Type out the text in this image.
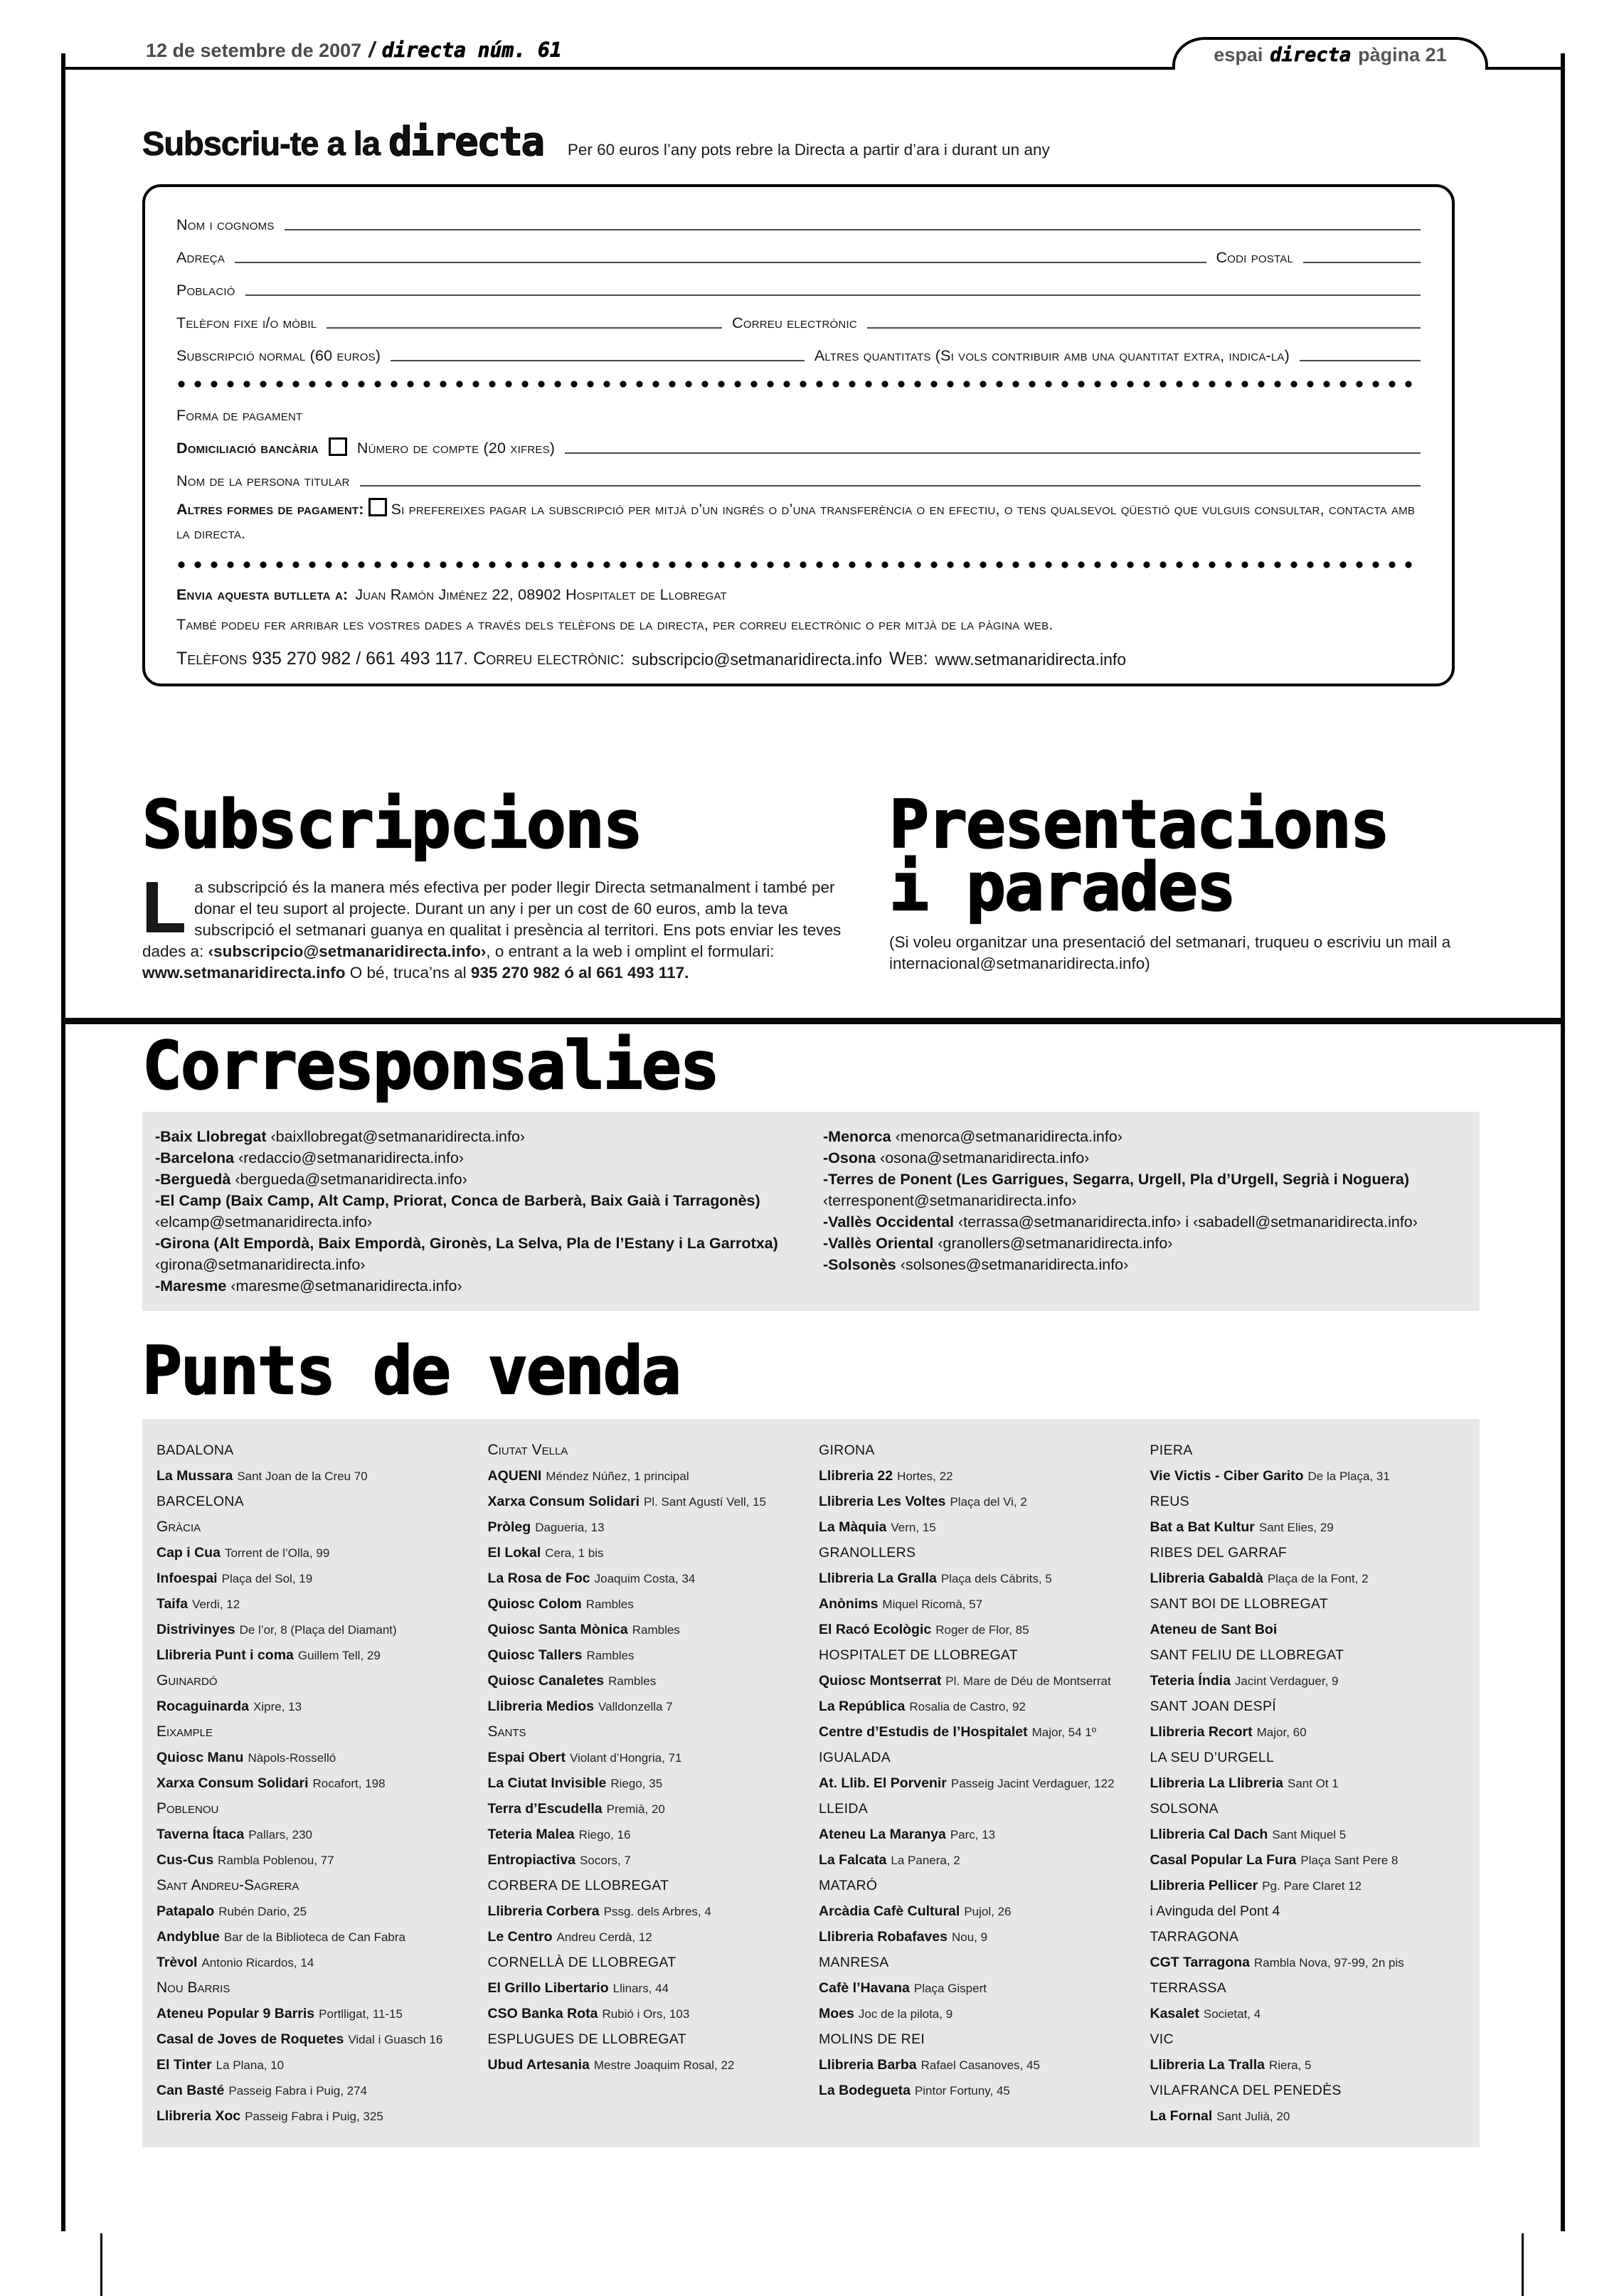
12 de setembre de 2007 / directa núm. 61	espai directa pàgina 21
Subscriu-te a la directa Per 60 euros l’any pots rebre la Directa a partir d’ara i durant un any
Nom i cognoms
Adreça	Codi postal
Població
Telèfon fixe i/o mòbil	Correu electrònic
Subscripció normal (60 euros)	Altres quantitats (Si vols contribuir amb una quantitat extra, indica-la)
Forma de pagament
Domiciliació bancària	Número de compte (20 xifres)
Nom de la persona titular

Altres formes de pagament: Si prefereixes pagar la subscripció per mitjà d’un ingrés o d’una transferència o en efectiu, o tens qualsevol qüestió que vulguis consultar, contacta amb la directa.

Envia aquesta butlleta a: Juan Ramón Jiménez 22, 08902 Hospitalet de Llobregat
També podeu fer arribar les vostres dades a través dels telèfons de la directa, per correu electrònic o per mitjà de la pàgina web.
Telèfons 935 270 982 / 661 493 117. Correu electrònic: subscripcio@setmanaridirecta.info Web: www.setmanaridirecta.info
Subscripcions

La subscripció és la manera més efectiva per poder llegir Directa setmanalment i també per donar el teu suport al projecte. Durant un any i per un cost de 60 euros, amb la teva subscripció el setmanari guanya en qualitat i presència al territori. Ens pots enviar les teves dades a: ‹subscripcio@setmanaridirecta.info›, o entrant a la web i omplint el formulari: www.setmanaridirecta.info O bé, truca’ns al 935 270 982 ó al 661 493 117.

Presentacions
i parades

(Si voleu organitzar una presentació del setmanari, truqueu o escriviu un mail a internacional@setmanaridirecta.info)

Corresponsalies
-Baix Llobregat ‹baixllobregat@setmanaridirecta.info›
-Barcelona ‹redaccio@setmanaridirecta.info›
-Berguedà ‹bergueda@setmanaridirecta.info›
-El Camp (Baix Camp, Alt Camp, Priorat, Conca de Barberà, Baix Gaià i Tarragonès) ‹elcamp@setmanaridirecta.info›
-Girona (Alt Empordà, Baix Empordà, Gironès, La Selva, Pla de l’Estany i La Garrotxa) ‹girona@setmanaridirecta.info›
-Maresme ‹maresme@setmanaridirecta.info›
-Menorca ‹menorca@setmanaridirecta.info›
-Osona ‹osona@setmanaridirecta.info›
-Terres de Ponent (Les Garrigues, Segarra, Urgell, Pla d’Urgell, Segrià i Noguera) ‹terresponent@setmanaridirecta.info›
-Vallès Occidental ‹terrassa@setmanaridirecta.info› i ‹sabadell@setmanaridirecta.info›
-Vallès Oriental ‹granollers@setmanaridirecta.info›
-Solsonès ‹solsones@setmanaridirecta.info›
Punts de venda
BADALONA
La Mussara Sant Joan de la Creu 70
BARCELONA
Gràcia
Cap i Cua Torrent de l’Olla, 99
Infoespai Plaça del Sol, 19
Taifa Verdi, 12
Distrivinyes De l’or, 8 (Plaça del Diamant)
Llibreria Punt i coma Guillem Tell, 29
Guinardó
Rocaguinarda Xipre, 13
Eixample
Quiosc Manu Nàpols-Rosselló
Xarxa Consum Solidari Rocafort, 198
Poblenou
Taverna Ítaca Pallars, 230
Cus-Cus Rambla Poblenou, 77
Sant Andreu-Sagrera
Patapalo Rubén Dario, 25
Andyblue Bar de la Biblioteca de Can Fabra
Trèvol Antonio Ricardos, 14
Nou Barris
Ateneu Popular 9 Barris Portlligat, 11-15
Casal de Joves de Roquetes Vidal i Guasch 16
El Tinter La Plana, 10
Can Basté Passeig Fabra i Puig, 274
Llibreria Xoc Passeig Fabra i Puig, 325
Ciutat Vella
AQUENI Méndez Núñez, 1 principal
Xarxa Consum Solidari Pl. Sant Agustí Vell, 15
Pròleg Dagueria, 13
El Lokal Cera, 1 bis
La Rosa de Foc Joaquim Costa, 34
Quiosc Colom Rambles
Quiosc Santa Mònica Rambles
Quiosc Tallers Rambles
Quiosc Canaletes Rambles
Llibreria Medios Valldonzella 7
Sants
Espai Obert Violant d’Hongria, 71
La Ciutat Invisible Riego, 35
Terra d’Escudella Premià, 20
Teteria Malea Riego, 16
Entropiactiva Socors, 7
CORBERA DE LLOBREGAT
Llibreria Corbera Pssg. dels Arbres, 4
Le Centro Andreu Cerdà, 12
CORNELLÀ DE LLOBREGAT
El Grillo Libertario Llinars, 44
CSO Banka Rota Rubió i Ors, 103
ESPLUGUES DE LLOBREGAT
Ubud Artesania Mestre Joaquim Rosal, 22
GIRONA
Llibreria 22 Hortes, 22
Llibreria Les Voltes Plaça del Vi, 2
La Màquia Vern, 15
GRANOLLERS
Llibreria La Gralla Plaça dels Càbrits, 5
Anònims Miquel Ricomà, 57
El Racó Ecològic Roger de Flor, 85
HOSPITALET DE LLOBREGAT
Quiosc Montserrat Pl. Mare de Déu de Montserrat
La República Rosalia de Castro, 92
Centre d’Estudis de l’Hospitalet Major, 54 1º
IGUALADA
At. Llib. El Porvenir Passeig Jacint Verdaguer, 122
LLEIDA
Ateneu La Maranya Parc, 13
La Falcata La Panera, 2
MATARÓ
Arcàdia Cafè Cultural Pujol, 26
Llibreria Robafaves Nou, 9
MANRESA
Cafè l’Havana Plaça Gispert
Moes Joc de la pilota, 9
MOLINS DE REI
Llibreria Barba Rafael Casanoves, 45
La Bodegueta Pintor Fortuny, 45
PIERA
Vie Victis - Ciber Garito De la Plaça, 31
REUS
Bat a Bat Kultur Sant Elies, 29
RIBES DEL GARRAF
Llibreria Gabaldà Plaça de la Font, 2
SANT BOI DE LLOBREGAT
Ateneu de Sant Boi
SANT FELIU DE LLOBREGAT
Teteria Índia Jacint Verdaguer, 9
SANT JOAN DESPÍ
Llibreria Recort Major, 60
LA SEU D’URGELL
Llibreria La Llibreria Sant Ot 1
SOLSONA
Llibreria Cal Dach Sant Miquel 5
Casal Popular La Fura Plaça Sant Pere 8
Llibreria Pellicer Pg. Pare Claret 12
i Avinguda del Pont 4
TARRAGONA
CGT Tarragona Rambla Nova, 97-99, 2n pis
TERRASSA
Kasalet Societat, 4
VIC
Llibreria La Tralla Riera, 5
VILAFRANCA DEL PENEDÈS
La Fornal Sant Julià, 20
